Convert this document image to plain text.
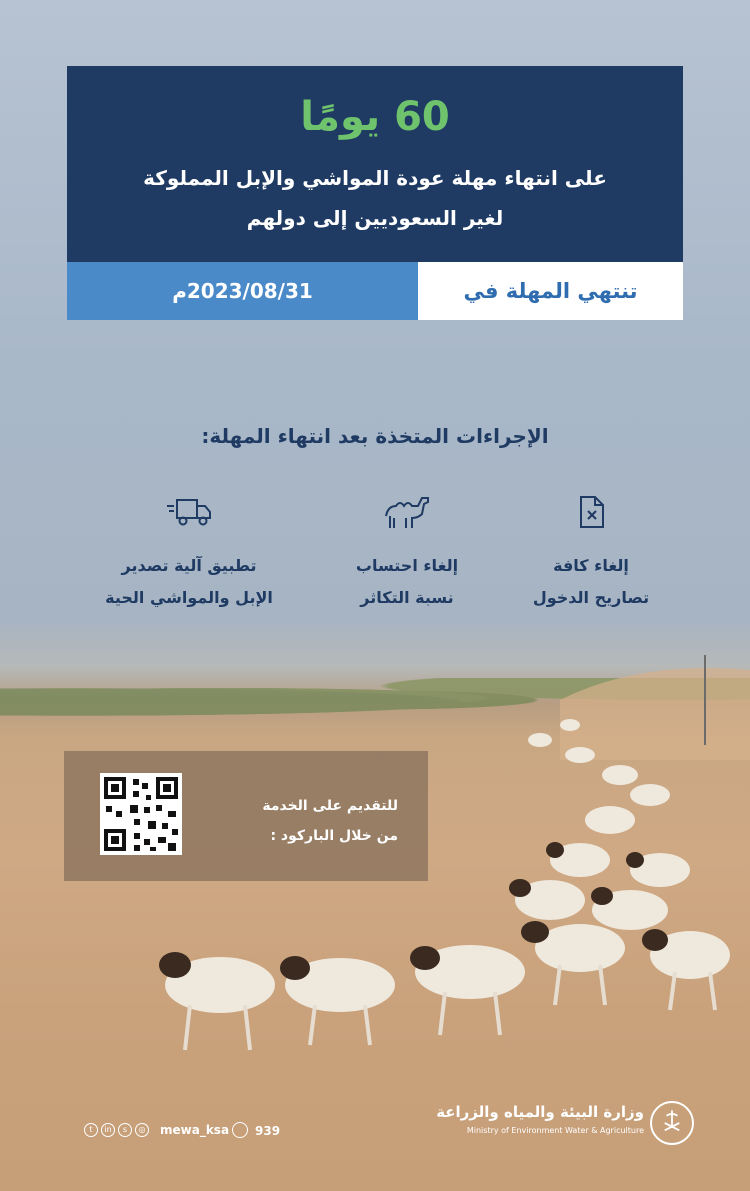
60 يومًا
على انتهاء مهلة عودة المواشي والإبل المملوكة
لغير السعوديين إلى دولهم
2023/08/31م	تنتهي المهلة في
الإجراءات المتخذة بعد انتهاء المهلة:
تطبيق آلية تصدير
الإبل والمواشي الحية
إلغاء احتساب
نسبة التكاثر
إلغاء كافة
تصاريح الدخول
للتقديم على الخدمة
من خلال الباركود :
t	in	s	◎ mewa_ksa 939
وزارة البيئة والمياه والزراعة
Ministry of Environment Water & Agriculture
